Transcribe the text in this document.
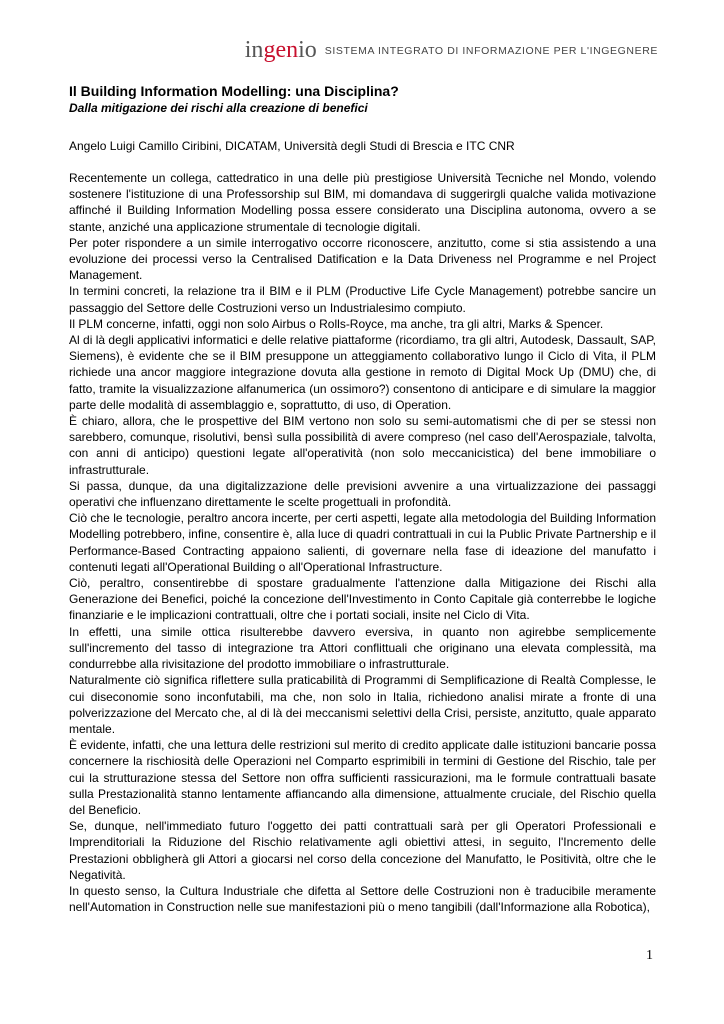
ingenio SISTEMA INTEGRATO DI INFORMAZIONE PER L'INGEGNERE
Il Building Information Modelling: una Disciplina?
Dalla mitigazione dei rischi alla creazione di benefici

Angelo Luigi Camillo Ciribini, DICATAM, Università degli Studi di Brescia e ITC CNR

Recentemente un collega, cattedratico in una delle più prestigiose Università Tecniche nel Mondo, volendo sostenere l'istituzione di una Professorship sul BIM, mi domandava di suggerirgli qualche valida motivazione affinché il Building Information Modelling possa essere considerato una Disciplina autonoma, ovvero a se stante, anziché una applicazione strumentale di tecnologie digitali.

Per poter rispondere a un simile interrogativo occorre riconoscere, anzitutto, come si stia assistendo a una evoluzione dei processi verso la Centralised Datification e la Data Driveness nel Programme e nel Project Management.

In termini concreti, la relazione tra il BIM e il PLM (Productive Life Cycle Management) potrebbe sancire un passaggio del Settore delle Costruzioni verso un Industrialesimo compiuto.

Il PLM concerne, infatti, oggi non solo Airbus o Rolls-Royce, ma anche, tra gli altri, Marks & Spencer.

Al di là degli applicativi informatici e delle relative piattaforme (ricordiamo, tra gli altri, Autodesk, Dassault, SAP, Siemens), è evidente che se il BIM presuppone un atteggiamento collaborativo lungo il Ciclo di Vita, il PLM richiede una ancor maggiore integrazione dovuta alla gestione in remoto di Digital Mock Up (DMU) che, di fatto, tramite la visualizzazione alfanumerica (un ossimoro?) consentono di anticipare e di simulare la maggior parte delle modalità di assemblaggio e, soprattutto, di uso, di Operation.

È chiaro, allora, che le prospettive del BIM vertono non solo su semi-automatismi che di per se stessi non sarebbero, comunque, risolutivi, bensì sulla possibilità di avere compreso (nel caso dell'Aerospaziale, talvolta, con anni di anticipo) questioni legate all'operatività (non solo meccanicistica) del bene immobiliare o infrastrutturale.

Si passa, dunque, da una digitalizzazione delle previsioni avvenire a una virtualizzazione dei passaggi operativi che influenzano direttamente le scelte progettuali in profondità.

Ciò che le tecnologie, peraltro ancora incerte, per certi aspetti, legate alla metodologia del Building Information Modelling potrebbero, infine, consentire è, alla luce di quadri contrattuali in cui la Public Private Partnership e il Performance-Based Contracting appaiono salienti, di governare nella fase di ideazione del manufatto i contenuti legati all'Operational Building o all'Operational Infrastructure.

Ciò, peraltro, consentirebbe di spostare gradualmente l'attenzione dalla Mitigazione dei Rischi alla Generazione dei Benefici, poiché la concezione dell'Investimento in Conto Capitale già conterrebbe le logiche finanziarie e le implicazioni contrattuali, oltre che i portati sociali, insite nel Ciclo di Vita.

In effetti, una simile ottica risulterebbe davvero eversiva, in quanto non agirebbe semplicemente sull'incremento del tasso di integrazione tra Attori conflittuali che originano una elevata complessità, ma condurrebbe alla rivisitazione del prodotto immobiliare o infrastrutturale.

Naturalmente ciò significa riflettere sulla praticabilità di Programmi di Semplificazione di Realtà Complesse, le cui diseconomie sono inconfutabili, ma che, non solo in Italia, richiedono analisi mirate a fronte di una polverizzazione del Mercato che, al di là dei meccanismi selettivi della Crisi, persiste, anzitutto, quale apparato mentale.

È evidente, infatti, che una lettura delle restrizioni sul merito di credito applicate dalle istituzioni bancarie possa concernere la rischiosità delle Operazioni nel Comparto esprimibili in termini di Gestione del Rischio, tale per cui la strutturazione stessa del Settore non offra sufficienti rassicurazioni, ma le formule contrattuali basate sulla Prestazionalità stanno lentamente affiancando alla dimensione, attualmente cruciale, del Rischio quella del Beneficio.

Se, dunque, nell'immediato futuro l'oggetto dei patti contrattuali sarà per gli Operatori Professionali e Imprenditoriali la Riduzione del Rischio relativamente agli obiettivi attesi, in seguito, l'Incremento delle Prestazioni obbligherà gli Attori a giocarsi nel corso della concezione del Manufatto, le Positività, oltre che le Negatività.

In questo senso, la Cultura Industriale che difetta al Settore delle Costruzioni non è traducibile meramente nell'Automation in Construction nelle sue manifestazioni più o meno tangibili (dall'Informazione alla Robotica),

1
